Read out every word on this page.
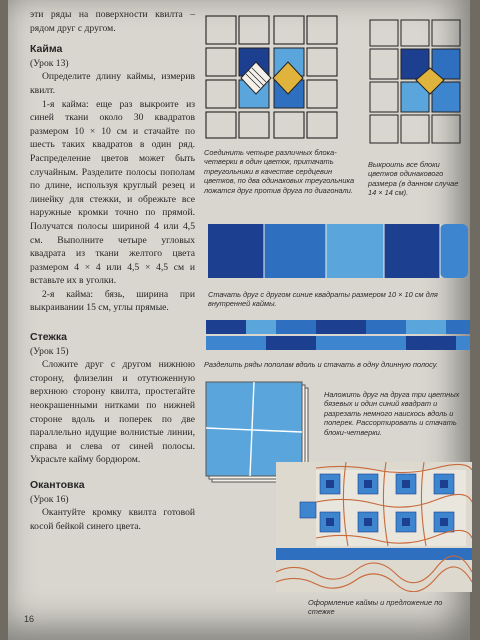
эти ряды на поверхности квилта – рядом друг с другом.

Кайма

(Урок 13)

Определите длину каймы, измерив квилт.

1-я кайма: еще раз выкроите из синей ткани около 30 квадратов размером 10 × 10 см и стачайте по шесть таких квадратов в один ряд. Распределение цветов может быть случайным. Разделите полосы пополам по длине, используя круглый резец и линейку для стежки, и обрежьте все наружные кромки точно по прямой. Получатся полосы шириной 4 или 4,5 см. Выполните четыре угловых квадрата из ткани желтого цвета размером 4 × 4 или 4,5 × 4,5 см и вставьте их в уголки.

2-я кайма: бязь, ширина при выкраивании 15 см, углы прямые.

Стежка

(Урок 15)

Сложите друг с другом нижнюю сторону, флизелин и отутюженную верхнюю сторону квилта, простегайте неокрашенными нитками по нижней стороне вдоль и поперек по две параллельно идущие волнистые линии, справа и слева от синей полосы. Украсьте кайму бордюром.

Окантовка

(Урок 16)

Окантуйте кромку квилта готовой косой бейкой синего цвета.

16
Соединить четыре различных блока-четверки в один цветок, притачать треугольники в качестве сердцевин цветков, по два одинаковых треугольника ложатся друг против друга по диагонали.
Выкроить все блоки цветков одинакового размера (в данном случае 14 × 14 см).
Стачать друг с другом синие квадраты размером 10 × 10 см для внутренней каймы.
Разделить ряды пополам вдоль и стачать в одну длинную полосу.
Наложить друг на друга три цветных бязевых и один синий квадрат и разрезать немного наискось вдоль и поперек. Рассортировать и стачать блоки-четверки.
Оформление каймы и предложение по стежке
